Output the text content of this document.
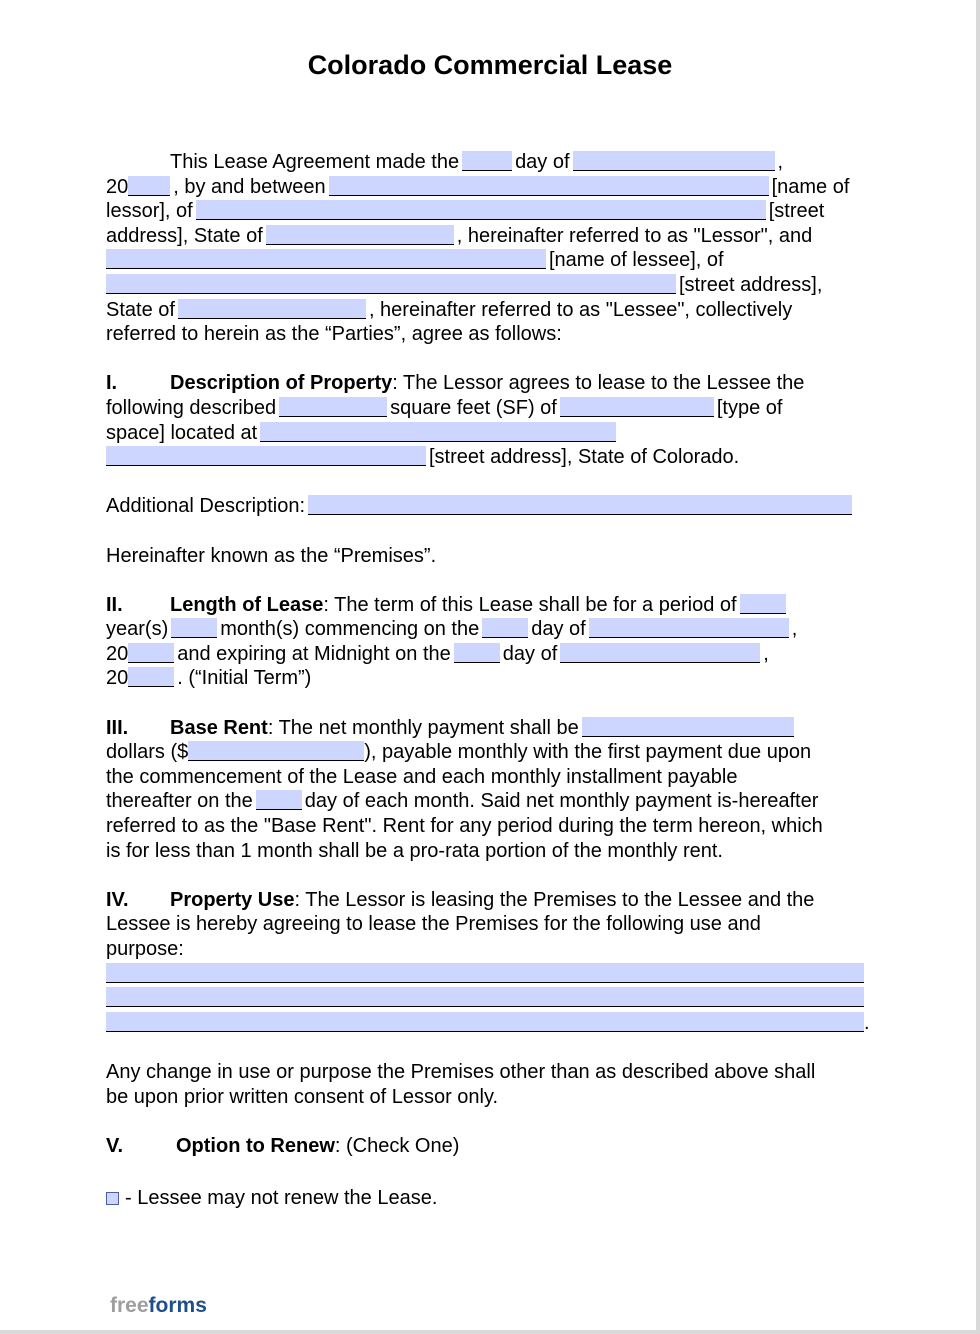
Colorado Commercial Lease
This Lease Agreement made the	day of	,
20 , by and between	[name of
lessor], of	[street
address], State of	, hereinafter referred to as "Lessor", and
[name of lessee], of
[street address],
State of	, hereinafter referred to as "Lessee", collectively
referred to herein as the “Parties”, agree as follows:
I.	Description of Property: The Lessor agrees to lease to the Lessee the
following described	square feet (SF) of	[type of
space] located at
[street address], State of Colorado.
Additional Description:
Hereinafter known as the “Premises”.
II. Length of Lease: The term of this Lease shall be for a period of
year(s)	month(s) commencing on the	day of	,
20 and expiring at Midnight on the	day of	,
20 . (“Initial Term”)
III. Base Rent: The net monthly payment shall be
dollars ($	), payable monthly with the first payment due upon
the commencement of the Lease and each monthly installment payable
thereafter on the	day of each month. Said net monthly payment is-hereafter
referred to as the "Base Rent". Rent for any period during the term hereon, which
is for less than 1 month shall be a pro-rata portion of the monthly rent.
IV. Property Use: The Lessor is leasing the Premises to the Lessee and the
Lessee is hereby agreeing to lease the Premises for the following use and
purpose:
.
Any change in use or purpose the Premises other than as described above shall
be upon prior written consent of Lessor only.
V.	Option to Renew: (Check One)
- Lessee may not renew the Lease.
freeforms
